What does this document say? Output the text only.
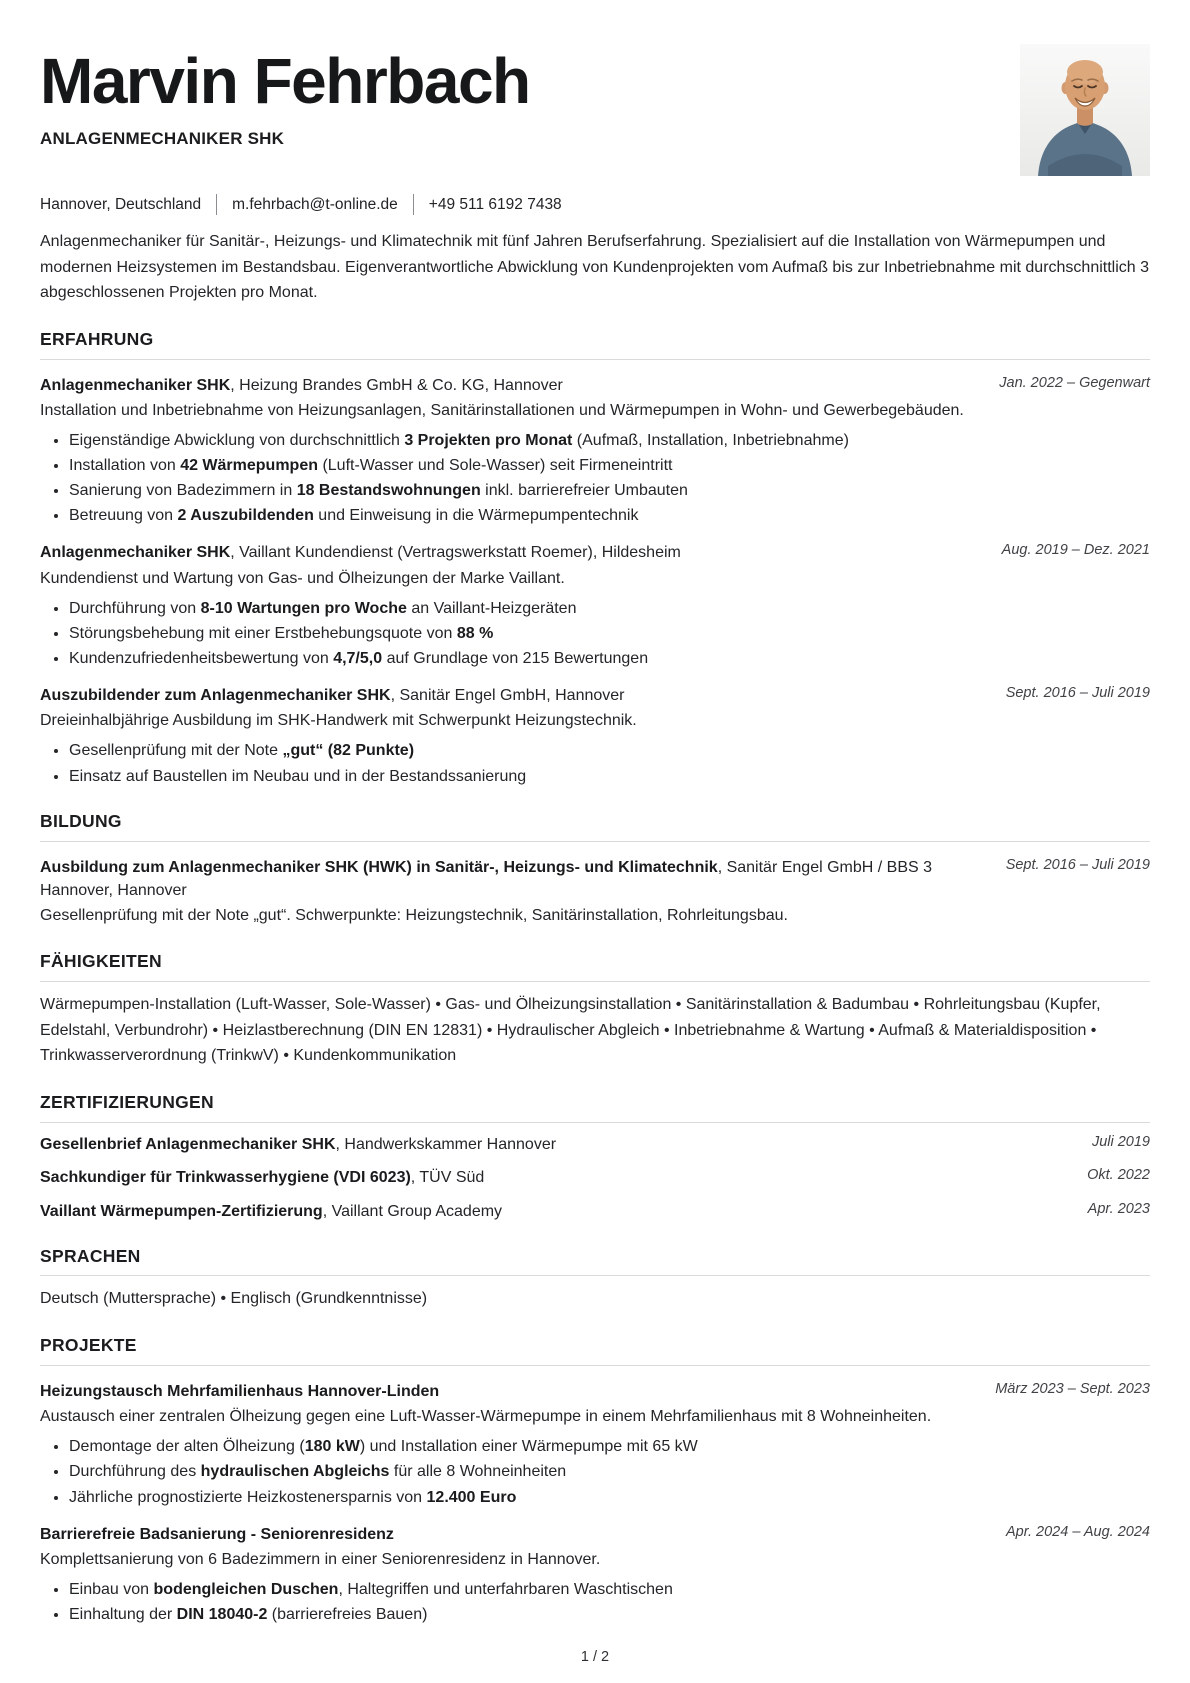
Marvin Fehrbach
ANLAGENMECHANIKER SHK
Hannover, Deutschland m.fehrbach@t-online.de +49 511 6192 7438

Anlagenmechaniker für Sanitär-, Heizungs- und Klimatechnik mit fünf Jahren Berufserfahrung. Spezialisiert auf die Installation von Wärmepumpen und modernen Heizsystemen im Bestandsbau. Eigenverantwortliche Abwicklung von Kundenprojekten vom Aufmaß bis zur Inbetriebnahme mit durchschnittlich 3 abgeschlossenen Projekten pro Monat.

ERFAHRUNG
Anlagenmechaniker SHK, Heizung Brandes GmbH & Co. KG, Hannover	Jan. 2022 – Gegenwart

Installation und Inbetriebnahme von Heizungsanlagen, Sanitärinstallationen und Wärmepumpen in Wohn- und Gewerbegebäuden.

• Eigenständige Abwicklung von durchschnittlich 3 Projekten pro Monat (Aufmaß, Installation, Inbetriebnahme)
• Installation von 42 Wärmepumpen (Luft-Wasser und Sole-Wasser) seit Firmeneintritt
• Sanierung von Badezimmern in 18 Bestandswohnungen inkl. barrierefreier Umbauten
• Betreuung von 2 Auszubildenden und Einweisung in die Wärmepumpentechnik
Anlagenmechaniker SHK, Vaillant Kundendienst (Vertragswerkstatt Roemer), Hildesheim	Aug. 2019 – Dez. 2021

Kundendienst und Wartung von Gas- und Ölheizungen der Marke Vaillant.

• Durchführung von 8-10 Wartungen pro Woche an Vaillant-Heizgeräten
• Störungsbehebung mit einer Erstbehebungsquote von 88 %
• Kundenzufriedenheitsbewertung von 4,7/5,0 auf Grundlage von 215 Bewertungen
Auszubildender zum Anlagenmechaniker SHK, Sanitär Engel GmbH, Hannover	Sept. 2016 – Juli 2019

Dreieinhalbjährige Ausbildung im SHK-Handwerk mit Schwerpunkt Heizungstechnik.

• Gesellenprüfung mit der Note „gut“ (82 Punkte)
• Einsatz auf Baustellen im Neubau und in der Bestandssanierung
BILDUNG
Ausbildung zum Anlagenmechaniker SHK (HWK) in Sanitär-, Heizungs- und Klimatechnik, Sanitär Engel GmbH / BBS 3 Hannover, Hannover
Sept. 2016 – Juli 2019

Gesellenprüfung mit der Note „gut“. Schwerpunkte: Heizungstechnik, Sanitärinstallation, Rohrleitungsbau.

FÄHIGKEITEN

Wärmepumpen-Installation (Luft-Wasser, Sole-Wasser) • Gas- und Ölheizungsinstallation • Sanitärinstallation & Badumbau • Rohrleitungsbau (Kupfer, Edelstahl, Verbundrohr) • Heizlastberechnung (DIN EN 12831) • Hydraulischer Abgleich • Inbetriebnahme & Wartung • Aufmaß & Materialdisposition • Trinkwasserverordnung (TrinkwV) • Kundenkommunikation

ZERTIFIZIERUNGEN
Gesellenbrief Anlagenmechaniker SHK, Handwerkskammer Hannover	Juli 2019
Sachkundiger für Trinkwasserhygiene (VDI 6023), TÜV Süd	Okt. 2022
Vaillant Wärmepumpen-Zertifizierung, Vaillant Group Academy	Apr. 2023
SPRACHEN

Deutsch (Muttersprache) • Englisch (Grundkenntnisse)

PROJEKTE
Heizungstausch Mehrfamilienhaus Hannover-Linden	März 2023 – Sept. 2023

Austausch einer zentralen Ölheizung gegen eine Luft-Wasser-Wärmepumpe in einem Mehrfamilienhaus mit 8 Wohneinheiten.

• Demontage der alten Ölheizung (180 kW) und Installation einer Wärmepumpe mit 65 kW
• Durchführung des hydraulischen Abgleichs für alle 8 Wohneinheiten
• Jährliche prognostizierte Heizkostenersparnis von 12.400 Euro
Barrierefreie Badsanierung - Seniorenresidenz	Apr. 2024 – Aug. 2024

Komplettsanierung von 6 Badezimmern in einer Seniorenresidenz in Hannover.

• Einbau von bodengleichen Duschen, Haltegriffen und unterfahrbaren Waschtischen
• Einhaltung der DIN 18040-2 (barrierefreies Bauen)
1 / 2
